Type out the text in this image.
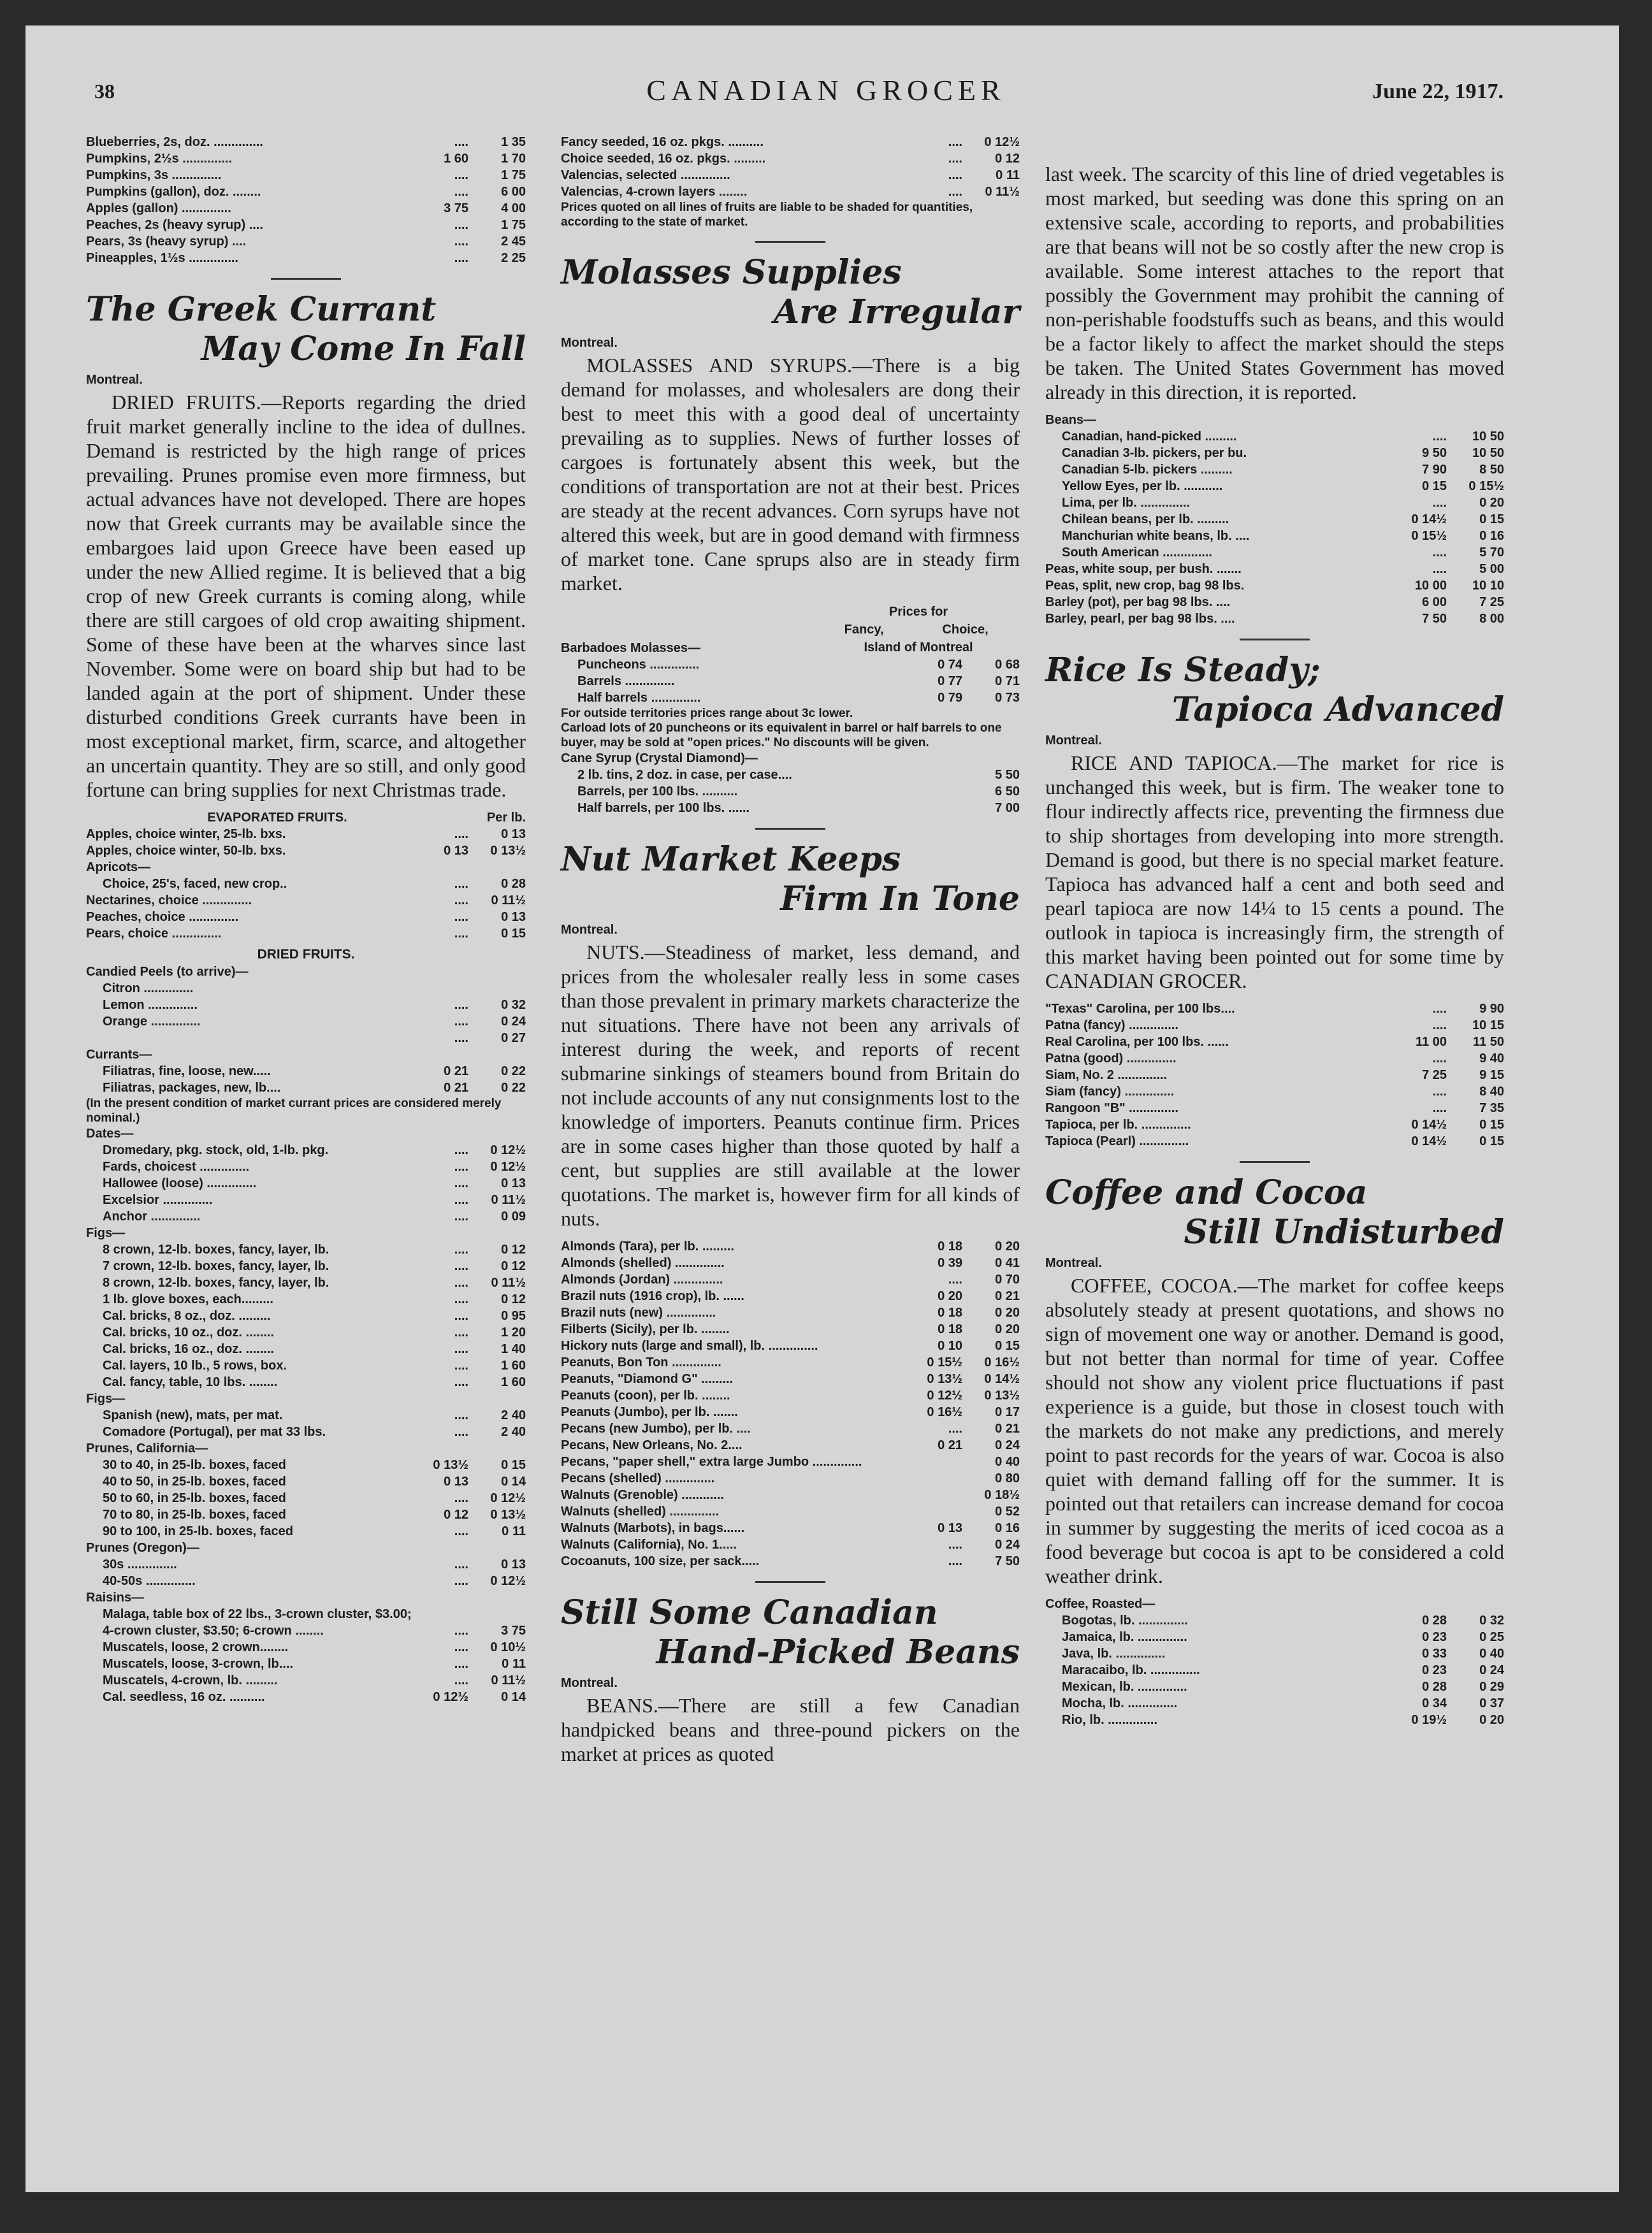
38	CANADIAN GROCER	June 22, 1917.
Blueberries, 2s, doz. ..............	....	1 35
Pumpkins, 2½s ..............	1 60	1 70
Pumpkins, 3s ..............	....	1 75
Pumpkins (gallon), doz. ........	....	6 00
Apples (gallon) ..............	3 75	4 00
Peaches, 2s (heavy syrup) ....	....	1 75
Pears, 3s (heavy syrup) ....	....	2 45
Pineapples, 1½s ..............	....	2 25
The Greek Currant
May Come In Fall
Montreal.

DRIED FRUITS.—Reports regarding the dried fruit market generally incline to the idea of dullnes. Demand is restricted by the high range of prices prevailing. Prunes promise even more firmness, but actual advances have not developed. There are hopes now that Greek currants may be available since the embargoes laid upon Greece have been eased up under the new Allied regime. It is believed that a big crop of new Greek currants is coming along, while there are still cargoes of old crop awaiting shipment. Some of these have been at the wharves since last November. Some were on board ship but had to be landed again at the port of shipment. Under these disturbed conditions Greek currants have been in most exceptional market, firm, scarce, and altogether an uncertain quantity. They are so still, and only good fortune can bring supplies for next Christmas trade.

EVAPORATED FRUITS.	Per lb.
Apples, choice winter, 25-lb. bxs.	....	0 13
Apples, choice winter, 50-lb. bxs.	0 13	0 13½
Apricots—		
Choice, 25's, faced, new crop..	....	0 28
Nectarines, choice ..............	....	0 11½
Peaches, choice ..............	....	0 13
Pears, choice ..............	....	0 15
DRIED FRUITS.
Candied Peels (to arrive)—		
Citron ..............		
Lemon ..............	....	0 32
Orange ..............	....	0 24
	....	0 27
Currants—		
Filiatras, fine, loose, new.....	0 21	0 22
Filiatras, packages, new, lb....	0 21	0 22
(In the present condition of market currant prices are considered merely nominal.)		
Dates—		
Dromedary, pkg. stock, old, 1-lb. pkg.	....	0 12½
Fards, choicest ..............	....	0 12½
Hallowee (loose) ..............	....	0 13
Excelsior ..............	....	0 11½
Anchor ..............	....	0 09
Figs—		
8 crown, 12-lb. boxes, fancy, layer, lb.	....	0 12
7 crown, 12-lb. boxes, fancy, layer, lb.	....	0 12
8 crown, 12-lb. boxes, fancy, layer, lb.	....	0 11½
1 lb. glove boxes, each.........	....	0 12
Cal. bricks, 8 oz., doz. .........	....	0 95
Cal. bricks, 10 oz., doz. ........	....	1 20
Cal. bricks, 16 oz., doz. ........	....	1 40
Cal. layers, 10 lb., 5 rows, box.	....	1 60
Cal. fancy, table, 10 lbs. ........	....	1 60
Figs—		
Spanish (new), mats, per mat.	....	2 40
Comadore (Portugal), per mat 33 lbs.	....	2 40
Prunes, California—		
30 to 40, in 25-lb. boxes, faced	0 13½	0 15
40 to 50, in 25-lb. boxes, faced	0 13	0 14
50 to 60, in 25-lb. boxes, faced	....	0 12½
70 to 80, in 25-lb. boxes, faced	0 12	0 13½
90 to 100, in 25-lb. boxes, faced	....	0 11
Prunes (Oregon)—		
30s ..............	....	0 13
40-50s ..............	....	0 12½
Raisins—		
Malaga, table box of 22 lbs., 3-crown cluster, $3.00; 4-crown cluster, $3.50; 6-crown ........	....	3 75
Muscatels, loose, 2 crown........	....	0 10½
Muscatels, loose, 3-crown, lb....	....	0 11
Muscatels, 4-crown, lb. .........	....	0 11½
Cal. seedless, 16 oz. ..........	0 12½	0 14
Fancy seeded, 16 oz. pkgs. ..........	....	0 12½
Choice seeded, 16 oz. pkgs. .........	....	0 12
Valencias, selected ..............	....	0 11
Valencias, 4-crown layers ........	....	0 11½
Prices quoted on all lines of fruits are liable to be shaded for quantities, according to the state of market.
Molasses Supplies
Are Irregular
Montreal.

MOLASSES AND SYRUPS.—There is a big demand for molasses, and wholesalers are dong their best to meet this with a good deal of uncertainty prevailing as to supplies. News of further losses of cargoes is fortunately absent this week, but the conditions of transportation are not at their best. Prices are steady at the recent advances. Corn syrups have not altered this week, but are in good demand with firmness of market tone. Cane sprups also are in steady firm market.

	Prices for	
	Fancy,	Choice,
Barbadoes Molasses—	Island of Montreal	
Puncheons ..............	0 74	0 68
Barrels ..............	0 77	0 71
Half barrels ..............	0 79	0 73
For outside territories prices range about 3c lower.
Carload lots of 20 puncheons or its equivalent in barrel or half barrels to one buyer, may be sold at "open prices." No discounts will be given.
Cane Syrup (Crystal Diamond)—
2 lb. tins, 2 doz. in case, per case....		5 50
Barrels, per 100 lbs. ..........		6 50
Half barrels, per 100 lbs. ......		7 00
Nut Market Keeps
Firm In Tone
Montreal.

NUTS.—Steadiness of market, less demand, and prices from the wholesaler really less in some cases than those prevalent in primary markets characterize the nut situations. There have not been any arrivals of interest during the week, and reports of recent submarine sinkings of steamers bound from Britain do not include accounts of any nut consignments lost to the knowledge of importers. Peanuts continue firm. Prices are in some cases higher than those quoted by half a cent, but supplies are still available at the lower quotations. The market is, however firm for all kinds of nuts.

Almonds (Tara), per lb. .........	0 18	0 20
Almonds (shelled) ..............	0 39	0 41
Almonds (Jordan) ..............	....	0 70
Brazil nuts (1916 crop), lb. ......	0 20	0 21
Brazil nuts (new) ..............	0 18	0 20
Filberts (Sicily), per lb. ........	0 18	0 20
Hickory nuts (large and small), lb. ..............	0 10	0 15
Peanuts, Bon Ton ..............	0 15½	0 16½
Peanuts, "Diamond G" .........	0 13½	0 14½
Peanuts (coon), per lb. ........	0 12½	0 13½
Peanuts (Jumbo), per lb. .......	0 16½	0 17
Pecans (new Jumbo), per lb. ....	....	0 21
Pecans, New Orleans, No. 2....	0 21	0 24
Pecans, "paper shell," extra large Jumbo ..............		0 40
Pecans (shelled) ..............		0 80
Walnuts (Grenoble) ............		0 18½
Walnuts (shelled) ..............		0 52
Walnuts (Marbots), in bags......	0 13	0 16
Walnuts (California), No. 1.....	....	0 24
Cocoanuts, 100 size, per sack.....	....	7 50
Still Some Canadian
Hand-Picked Beans
Montreal.

BEANS.—There are still a few Canadian handpicked beans and three-pound pickers on the market at prices as quoted

last week. The scarcity of this line of dried vegetables is most marked, but seeding was done this spring on an extensive scale, according to reports, and probabilities are that beans will not be so costly after the new crop is available. Some interest attaches to the report that possibly the Government may prohibit the canning of non-perishable foodstuffs such as beans, and this would be a factor likely to affect the market should the steps be taken. The United States Government has moved already in this direction, it is reported.

Beans—
Canadian, hand-picked .........	....	10 50
Canadian 3-lb. pickers, per bu.	9 50	10 50
Canadian 5-lb. pickers .........	7 90	8 50
Yellow Eyes, per lb. ...........	0 15	0 15½
Lima, per lb. ..............	....	0 20
Chilean beans, per lb. .........	0 14½	0 15
Manchurian white beans, lb. ....	0 15½	0 16
South American ..............	....	5 70
Peas, white soup, per bush. .......	....	5 00
Peas, split, new crop, bag 98 lbs.	10 00	10 10
Barley (pot), per bag 98 lbs. ....	6 00	7 25
Barley, pearl, per bag 98 lbs. ....	7 50	8 00
Rice Is Steady;
Tapioca Advanced
Montreal.

RICE AND TAPIOCA.—The market for rice is unchanged this week, but is firm. The weaker tone to flour indirectly affects rice, preventing the firmness due to ship shortages from developing into more strength. Demand is good, but there is no special market feature. Tapioca has advanced half a cent and both seed and pearl tapioca are now 14¼ to 15 cents a pound. The outlook in tapioca is increasingly firm, the strength of this market having been pointed out for some time by CANADIAN GROCER.

"Texas" Carolina, per 100 lbs....	....	9 90
Patna (fancy) ..............	....	10 15
Real Carolina, per 100 lbs. ......	11 00	11 50
Patna (good) ..............	....	9 40
Siam, No. 2 ..............	7 25	9 15
Siam (fancy) ..............	....	8 40
Rangoon "B" ..............	....	7 35
Tapioca, per lb. ..............	0 14½	0 15
Tapioca (Pearl) ..............	0 14½	0 15
Coffee and Cocoa
Still Undisturbed
Montreal.

COFFEE, COCOA.—The market for coffee keeps absolutely steady at present quotations, and shows no sign of movement one way or another. Demand is good, but not better than normal for time of year. Coffee should not show any violent price fluctuations if past experience is a guide, but those in closest touch with the markets do not make any predictions, and merely point to past records for the years of war. Cocoa is also quiet with demand falling off for the summer. It is pointed out that retailers can increase demand for cocoa in summer by suggesting the merits of iced cocoa as a food beverage but cocoa is apt to be considered a cold weather drink.

Coffee, Roasted—
Bogotas, lb. ..............	0 28	0 32
Jamaica, lb. ..............	0 23	0 25
Java, lb. ..............	0 33	0 40
Maracaibo, lb. ..............	0 23	0 24
Mexican, lb. ..............	0 28	0 29
Mocha, lb. ..............	0 34	0 37
Rio, lb. ..............	0 19½	0 20
